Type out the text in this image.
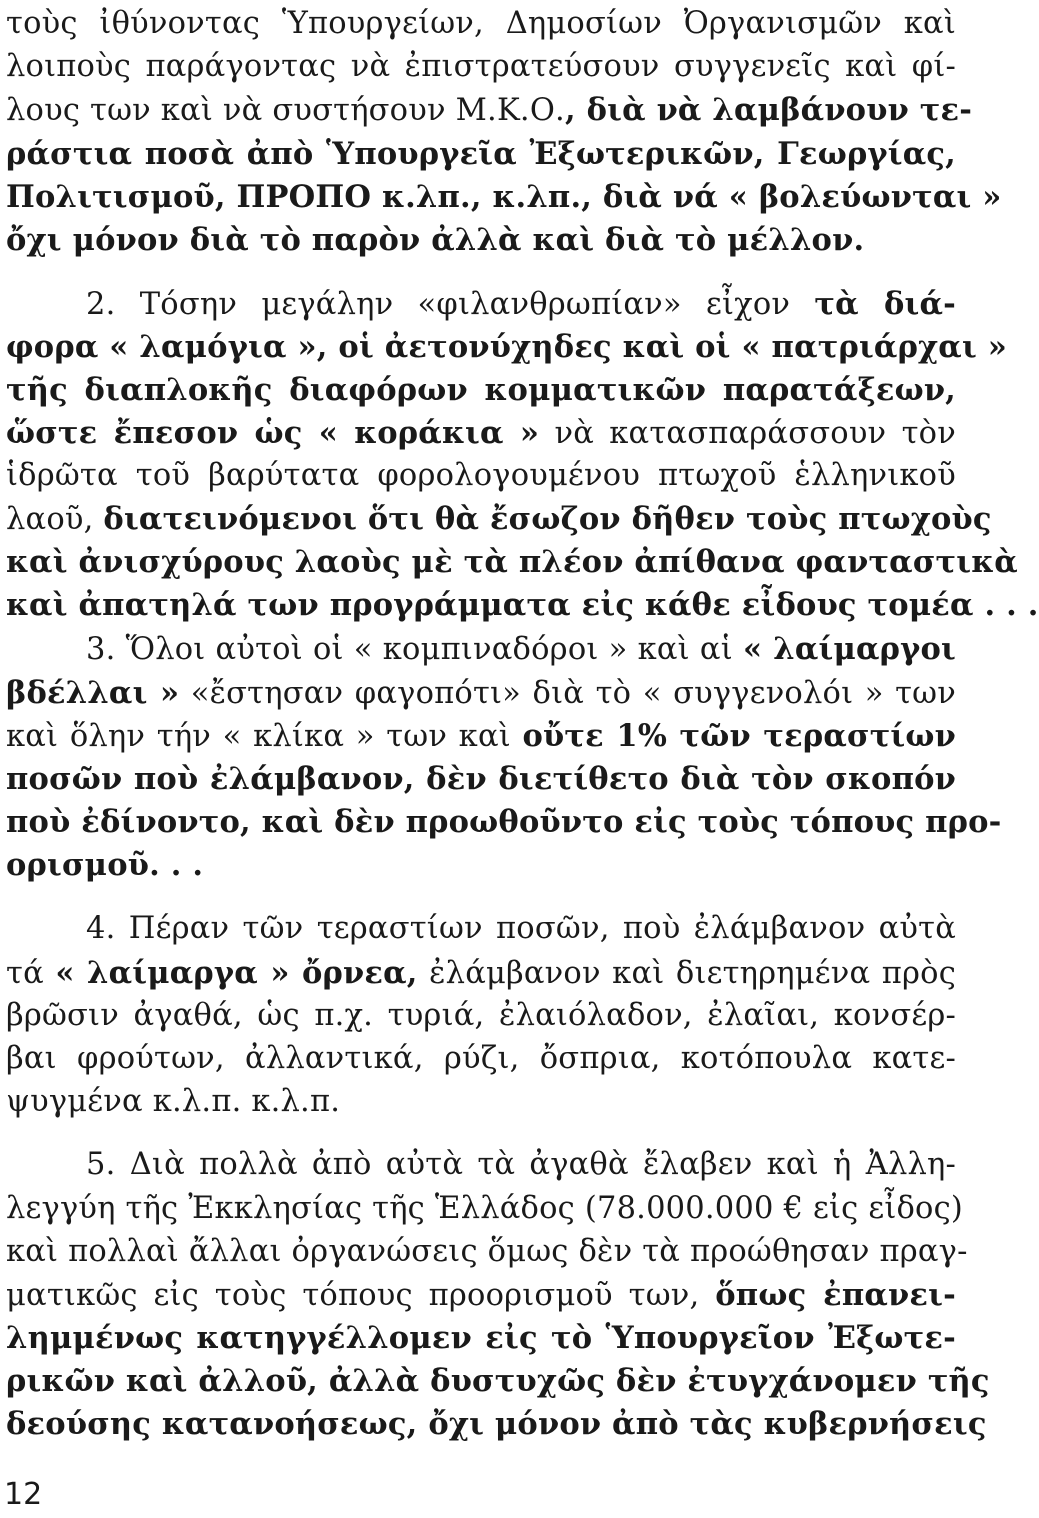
τοὺς ἰθύνοντας Ὑπουργείων, Δημοσίων Ὀργανισμῶν καὶ
λοιποὺς παράγοντας νὰ ἐπιστρατεύσουν συγγενεῖς καὶ φί-
λους των καὶ νὰ συστήσουν Μ.Κ.Ο., διὰ νὰ λαμβάνουν τε-
ράστια ποσὰ ἀπὸ Ὑπουργεῖα Ἐξωτερικῶν, Γεωργίας,
Πολιτισμοῦ, ΠΡΟΠΟ κ.λπ., κ.λπ., διὰ νά « βολεύωνται »
ὄχι μόνον διὰ τὸ παρὸν ἀλλὰ καὶ διὰ τὸ μέλλον.
2. Τόσην μεγάλην «φιλανθρωπίαν» εἶχον τὰ διά-
φορα « λαμόγια », οἱ ἀετονύχηδες καὶ οἱ « πατριάρχαι »
τῆς διαπλοκῆς διαφόρων κομματικῶν παρατάξεων,
ὥστε ἔπεσον ὡς « κοράκια » νὰ κατασπαράσσουν τὸν
ἱδρῶτα τοῦ βαρύτατα φορολογουμένου πτωχοῦ ἑλληνικοῦ
λαοῦ, διατεινόμενοι ὅτι θὰ ἔσωζον δῆθεν τοὺς πτωχοὺς
καὶ ἀνισχύρους λαοὺς μὲ τὰ πλέον ἀπίθανα φανταστικὰ
καὶ ἀπατηλά των προγράμματα εἰς κάθε εἶδους τομέα . . .
3. Ὅλοι αὐτοὶ οἱ « κομπιναδόροι » καὶ αἱ « λαίμαργοι
βδέλλαι » «ἔστησαν φαγοπότι» διὰ τὸ « συγγενολόι » των
καὶ ὅλην τήν « κλίκα » των καὶ οὔτε 1% τῶν τεραστίων
ποσῶν ποὺ ἐλάμβανον, δὲν διετίθετο διὰ τὸν σκοπόν
ποὺ ἐδίνοντο, καὶ δὲν προωθοῦντο εἰς τοὺς τόπους προ-
ορισμοῦ. . .
4. Πέραν τῶν τεραστίων ποσῶν, ποὺ ἐλάμβανον αὐτὰ
τά « λαίμαργα » ὄρνεα, ἐλάμβανον καὶ διετηρημένα πρὸς
βρῶσιν ἀγαθά, ὡς π.χ. τυριά, ἐλαιόλαδον, ἐλαῖαι, κονσέρ-
βαι φρούτων, ἀλλαντικά, ρύζι, ὄσπρια, κοτόπουλα κατε-
ψυγμένα κ.λ.π. κ.λ.π.
5. Διὰ πολλὰ ἀπὸ αὐτὰ τὰ ἀγαθὰ ἔλαβεν καὶ ἡ Ἀλλη-
λεγγύη τῆς Ἐκκλησίας τῆς Ἑλλάδος (78.000.000 € εἰς εἶδος)
καὶ πολλαὶ ἄλλαι ὀργανώσεις ὅμως δὲν τὰ προώθησαν πραγ-
ματικῶς εἰς τοὺς τόπους προορισμοῦ των, ὅπως ἐπανει-
λημμένως κατηγγέλλομεν εἰς τὸ Ὑπουργεῖον Ἐξωτε-
ρικῶν καὶ ἀλλοῦ, ἀλλὰ δυστυχῶς δὲν ἐτυγχάνομεν τῆς
δεούσης κατανοήσεως, ὄχι μόνον ἀπὸ τὰς κυβερνήσεις
12
